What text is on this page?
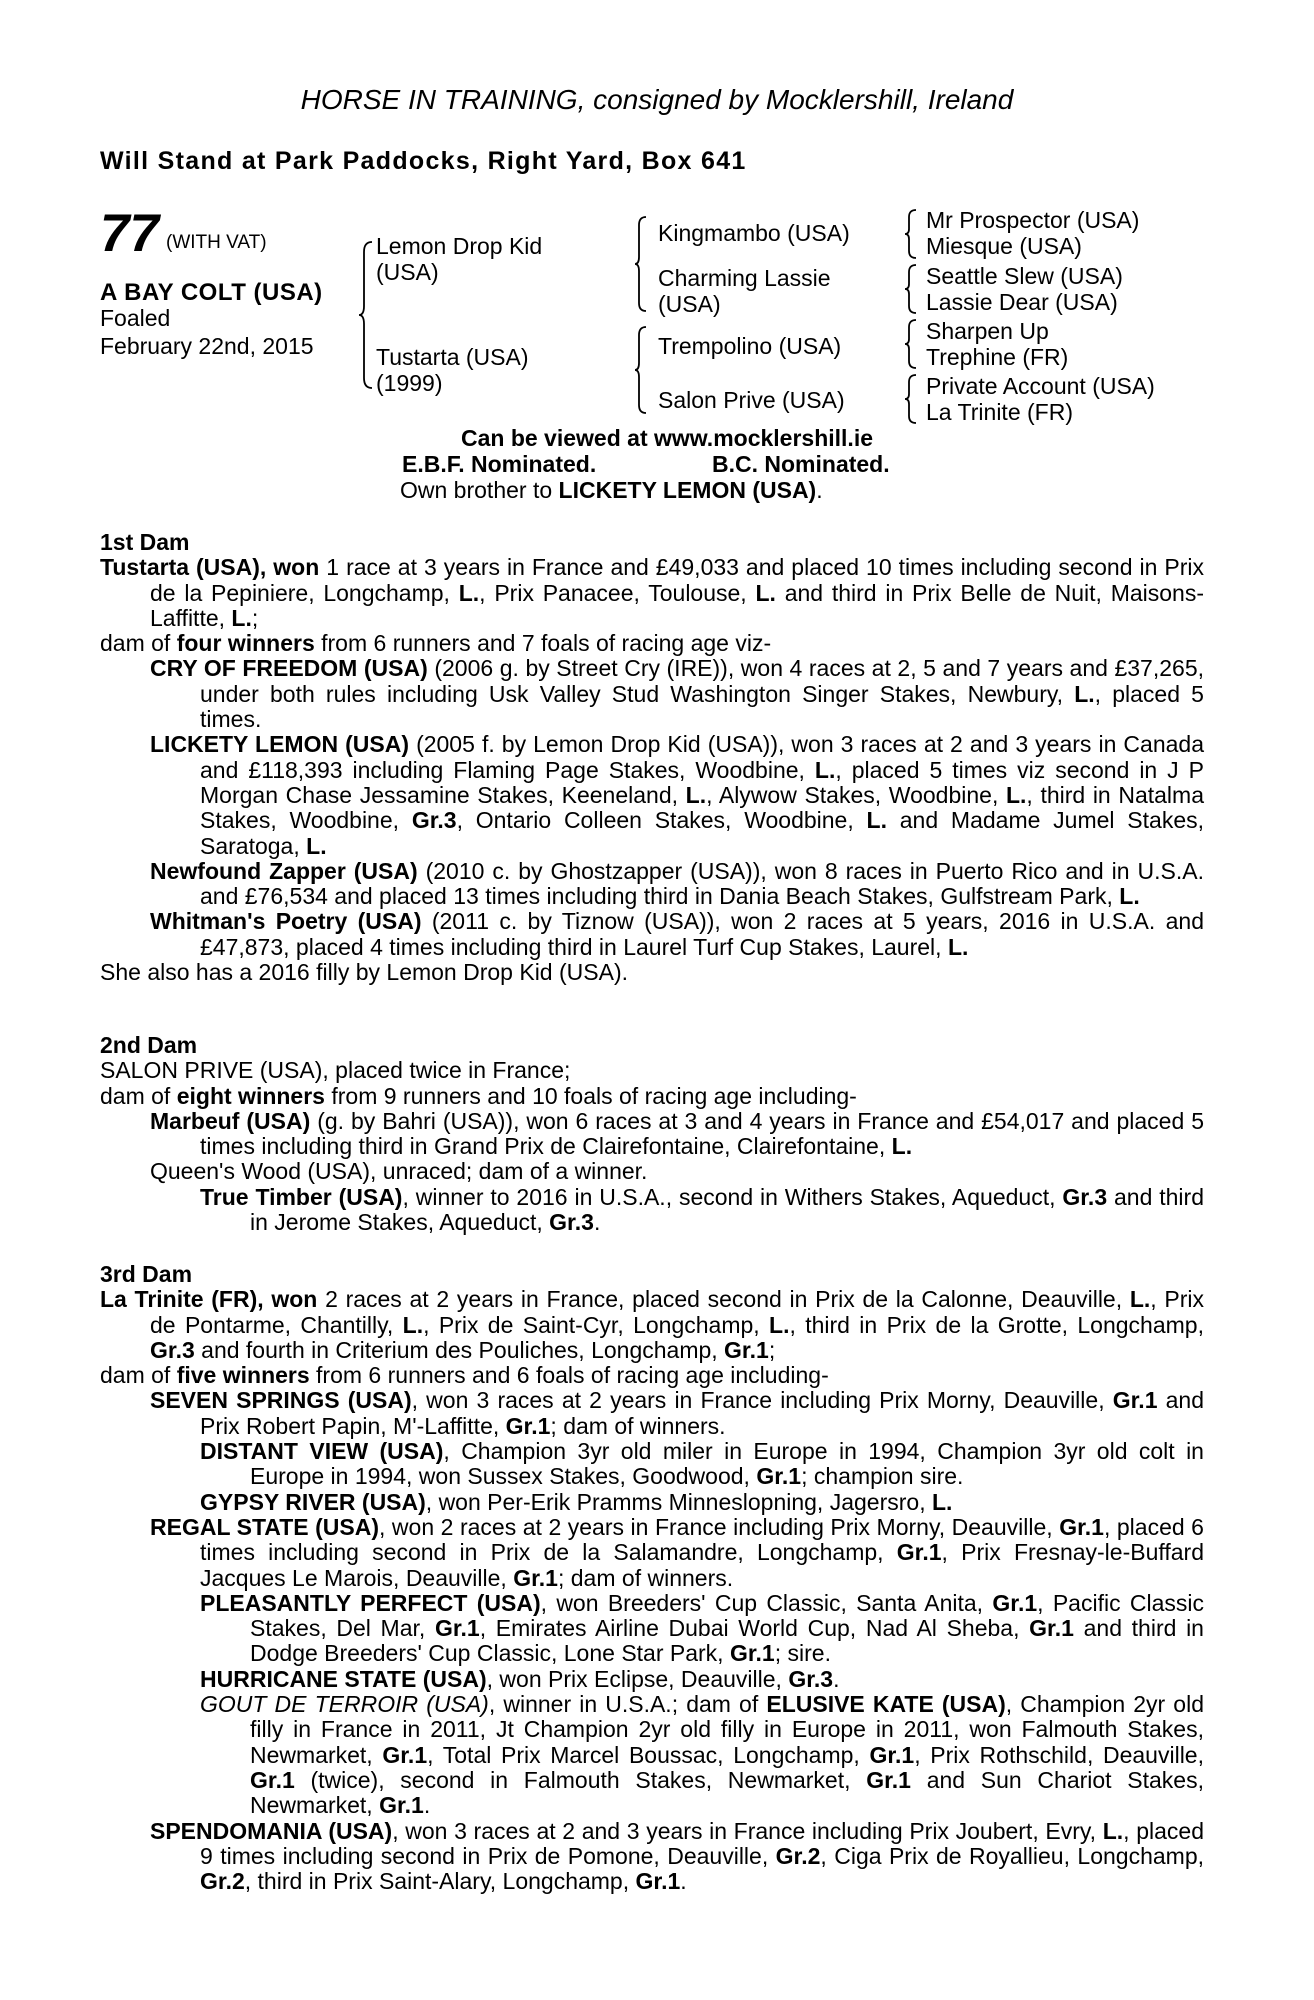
HORSE IN TRAINING, consigned by Mocklershill, Ireland
Will Stand at Park Paddocks, Right Yard, Box 641
77 (WITH VAT)
A BAY COLT (USA)
Foaled
February 22nd, 2015
Lemon Drop Kid
(USA)
Tustarta (USA)
(1999)
Kingmambo (USA)
Charming Lassie
(USA)
Trempolino (USA)
Salon Prive (USA)
Mr Prospector (USA)
Miesque (USA)
Seattle Slew (USA)
Lassie Dear (USA)
Sharpen Up
Trephine (FR)
Private Account (USA)
La Trinite (FR)
Can be viewed at www.mocklershill.ie
E.B.F. Nominated.	B.C. Nominated.
Own brother to LICKETY LEMON (USA).

1st Dam

Tustarta (USA), won 1 race at 3 years in France and £49,033 and placed 10 times including second in Prix de la Pepiniere, Longchamp, L., Prix Panacee, Toulouse, L. and third in Prix Belle de Nuit, Maisons-Laffitte, L.;

dam of four winners from 6 runners and 7 foals of racing age viz-

CRY OF FREEDOM (USA) (2006 g. by Street Cry (IRE)), won 4 races at 2, 5 and 7 years and £37,265, under both rules including Usk Valley Stud Washington Singer Stakes, Newbury, L., placed 5 times.

LICKETY LEMON (USA) (2005 f. by Lemon Drop Kid (USA)), won 3 races at 2 and 3 years in Canada and £118,393 including Flaming Page Stakes, Woodbine, L., placed 5 times viz second in J P Morgan Chase Jessamine Stakes, Keeneland, L., Alywow Stakes, Woodbine, L., third in Natalma Stakes, Woodbine, Gr.3, Ontario Colleen Stakes, Woodbine, L. and Madame Jumel Stakes, Saratoga, L.

Newfound Zapper (USA) (2010 c. by Ghostzapper (USA)), won 8 races in Puerto Rico and in U.S.A. and £76,534 and placed 13 times including third in Dania Beach Stakes, Gulfstream Park, L.

Whitman's Poetry (USA) (2011 c. by Tiznow (USA)), won 2 races at 5 years, 2016 in U.S.A. and £47,873, placed 4 times including third in Laurel Turf Cup Stakes, Laurel, L.

She also has a 2016 filly by Lemon Drop Kid (USA).

2nd Dam

SALON PRIVE (USA), placed twice in France;

dam of eight winners from 9 runners and 10 foals of racing age including-

Marbeuf (USA) (g. by Bahri (USA)), won 6 races at 3 and 4 years in France and £54,017 and placed 5 times including third in Grand Prix de Clairefontaine, Clairefontaine, L.

Queen's Wood (USA), unraced; dam of a winner.

True Timber (USA), winner to 2016 in U.S.A., second in Withers Stakes, Aqueduct, Gr.3 and third in Jerome Stakes, Aqueduct, Gr.3.

3rd Dam

La Trinite (FR), won 2 races at 2 years in France, placed second in Prix de la Calonne, Deauville, L., Prix de Pontarme, Chantilly, L., Prix de Saint-Cyr, Longchamp, L., third in Prix de la Grotte, Longchamp, Gr.3 and fourth in Criterium des Pouliches, Longchamp, Gr.1;

dam of five winners from 6 runners and 6 foals of racing age including-

SEVEN SPRINGS (USA), won 3 races at 2 years in France including Prix Morny, Deauville, Gr.1 and Prix Robert Papin, M'-Laffitte, Gr.1; dam of winners.

DISTANT VIEW (USA), Champion 3yr old miler in Europe in 1994, Champion 3yr old colt in Europe in 1994, won Sussex Stakes, Goodwood, Gr.1; champion sire.

GYPSY RIVER (USA), won Per-Erik Pramms Minneslopning, Jagersro, L.

REGAL STATE (USA), won 2 races at 2 years in France including Prix Morny, Deauville, Gr.1, placed 6 times including second in Prix de la Salamandre, Longchamp, Gr.1, Prix Fresnay-le-Buffard Jacques Le Marois, Deauville, Gr.1; dam of winners.

PLEASANTLY PERFECT (USA), won Breeders' Cup Classic, Santa Anita, Gr.1, Pacific Classic Stakes, Del Mar, Gr.1, Emirates Airline Dubai World Cup, Nad Al Sheba, Gr.1 and third in Dodge Breeders' Cup Classic, Lone Star Park, Gr.1; sire.

HURRICANE STATE (USA), won Prix Eclipse, Deauville, Gr.3.

GOUT DE TERROIR (USA), winner in U.S.A.; dam of ELUSIVE KATE (USA), Champion 2yr old filly in France in 2011, Jt Champion 2yr old filly in Europe in 2011, won Falmouth Stakes, Newmarket, Gr.1, Total Prix Marcel Boussac, Longchamp, Gr.1, Prix Rothschild, Deauville, Gr.1 (twice), second in Falmouth Stakes, Newmarket, Gr.1 and Sun Chariot Stakes, Newmarket, Gr.1.

SPENDOMANIA (USA), won 3 races at 2 and 3 years in France including Prix Joubert, Evry, L., placed 9 times including second in Prix de Pomone, Deauville, Gr.2, Ciga Prix de Royallieu, Longchamp, Gr.2, third in Prix Saint-Alary, Longchamp, Gr.1.
